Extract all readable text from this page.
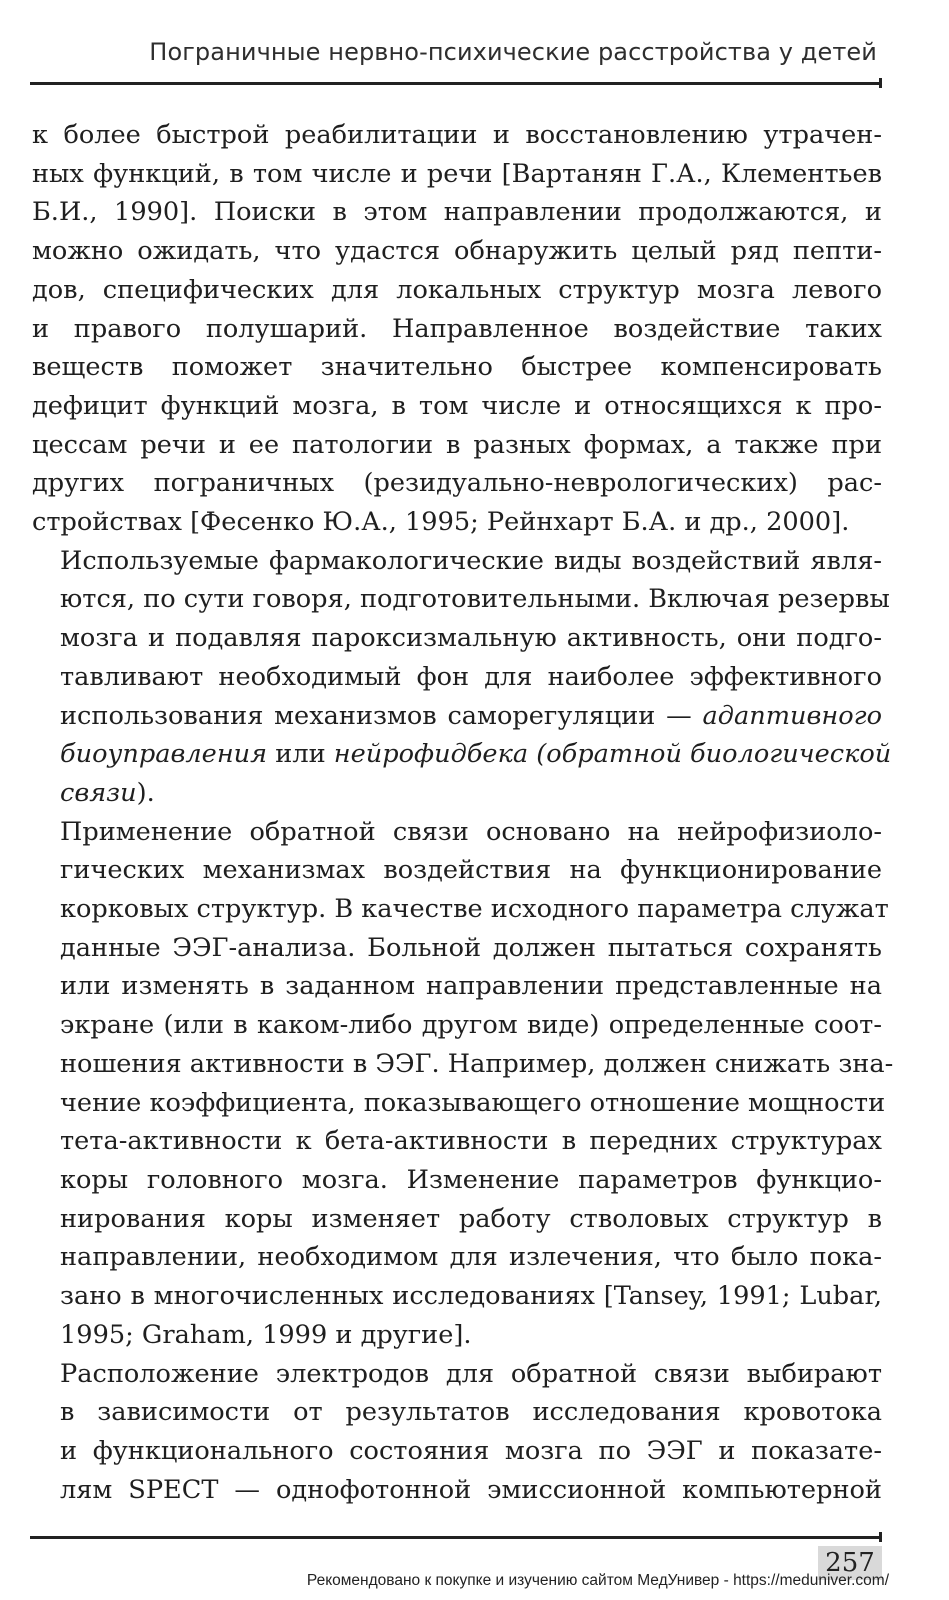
Пограничные нервно-психические расстройства у детей

к более быстрой реабилитации и восстановлению утрачен-
ных функций, в том числе и речи [Вартанян Г.А., Клементьев
Б.И., 1990]. Поиски в этом направлении продолжаются, и
можно ожидать, что удастся обнаружить целый ряд пепти-
дов, специфических для локальных структур мозга левого
и правого полушарий. Направленное воздействие таких
веществ поможет значительно быстрее компенсировать
дефицит функций мозга, в том числе и относящихся к про-
цессам речи и ее патологии в разных формах, а также при
других пограничных (резидуально-неврологических) рас-
стройствах [Фесенко Ю.А., 1995; Рейнхарт Б.А. и др., 2000].

Используемые фармакологические виды воздействий явля-
ются, по сути говоря, подготовительными. Включая резервы
мозга и подавляя пароксизмальную активность, они подго-
тавливают необходимый фон для наиболее эффективного
использования механизмов саморегуляции — адаптивного
биоуправления или нейрофидбека (обратной биологической
связи).

Применение обратной связи основано на нейрофизиоло-
гических механизмах воздействия на функционирование
корковых структур. В качестве исходного параметра служат
данные ЭЭГ-анализа. Больной должен пытаться сохранять
или изменять в заданном направлении представленные на
экране (или в каком-либо другом виде) определенные соот-
ношения активности в ЭЭГ. Например, должен снижать зна-
чение коэффициента, показывающего отношение мощности
тета-активности к бета-активности в передних структурах
коры головного мозга. Изменение параметров функцио-
нирования коры изменяет работу стволовых структур в
направлении, необходимом для излечения, что было пока-
зано в многочисленных исследованиях [Tansey, 1991; Lubar,
1995; Graham, 1999 и другие].

Расположение электродов для обратной связи выбирают
в зависимости от результатов исследования кровотока
и функционального состояния мозга по ЭЭГ и показате-
лям SPECT — однофотонной эмиссионной компьютерной

257
Рекомендовано к покупке и изучению сайтом МедУнивер - https://meduniver.com/
